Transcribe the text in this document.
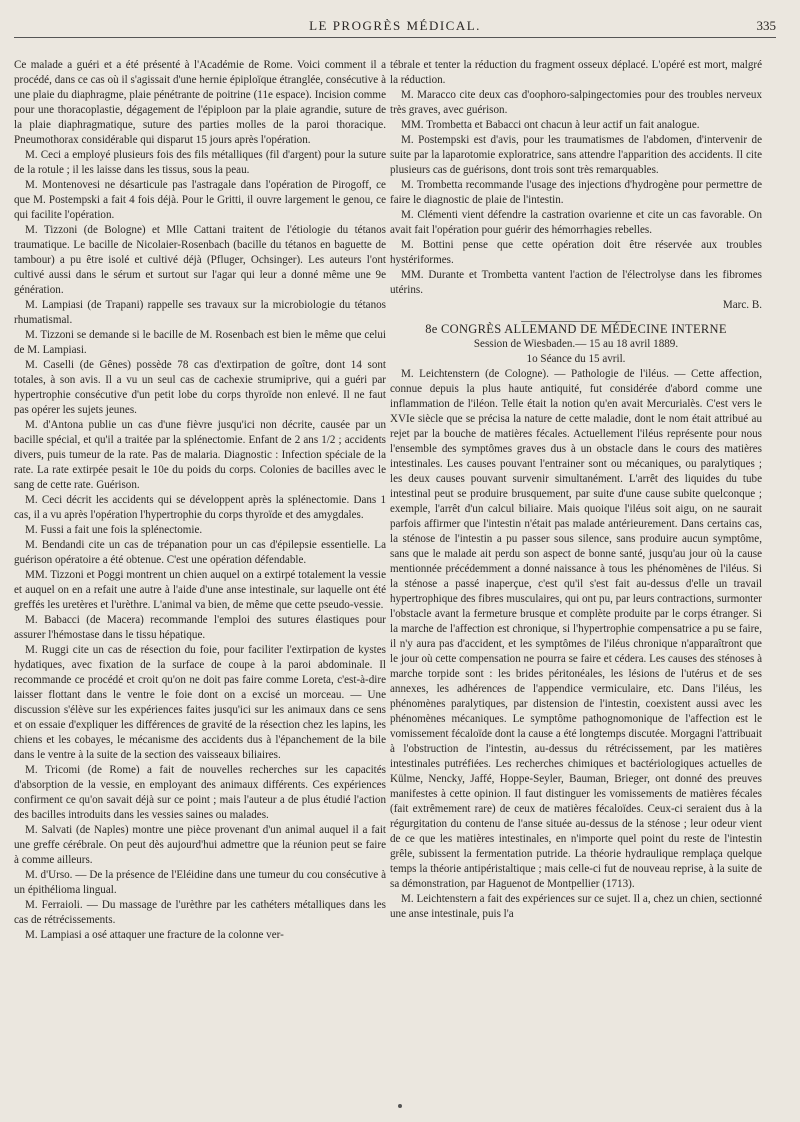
LE PROGRÈS MÉDICAL.	335

Ce malade a guéri et a été présenté à l'Académie de Rome. Voici comment il a procédé, dans ce cas où il s'agissait d'une hernie épiploïque étranglée, consécutive à une plaie du diaphragme, plaie pénétrante de poitrine (11e espace). Incision comme pour une thoracoplastie, dégagement de l'épiploon par la plaie agrandie, suture de la plaie diaphragmatique, suture des parties molles de la paroi thoracique. Pneumothorax considérable qui disparut 15 jours après l'opération.

M. Ceci a employé plusieurs fois des fils métalliques (fil d'argent) pour la suture de la rotule ; il les laisse dans les tissus, sous la peau.

M. Montenovesi ne désarticule pas l'astragale dans l'opération de Pirogoff, ce que M. Postempski a fait 4 fois déjà. Pour le Gritti, il ouvre largement le genou, ce qui facilite l'opération.

M. Tizzoni (de Bologne) et Mlle Cattani traitent de l'étiologie du tétanos traumatique. Le bacille de Nicolaier-Rosenbach (bacille du tétanos en baguette de tambour) a pu être isolé et cultivé déjà (Pfluger, Ochsinger). Les auteurs l'ont cultivé aussi dans le sérum et surtout sur l'agar qui leur a donné même une 9e génération.

M. Lampiasi (de Trapani) rappelle ses travaux sur la microbiologie du tétanos rhumatismal.

M. Tizzoni se demande si le bacille de M. Rosenbach est bien le même que celui de M. Lampiasi.

M. Caselli (de Gênes) possède 78 cas d'extirpation de goître, dont 14 sont totales, à son avis. Il a vu un seul cas de cachexie strumiprive, qui a guéri par hypertrophie consécutive d'un petit lobe du corps thyroïde non enlevé. Il ne faut pas opérer les sujets jeunes.

M. d'Antona publie un cas d'une fièvre jusqu'ici non décrite, causée par un bacille spécial, et qu'il a traitée par la splénectomie. Enfant de 2 ans 1/2 ; accidents divers, puis tumeur de la rate. Pas de malaria. Diagnostic : Infection spéciale de la rate. La rate extirpée pesait le 10e du poids du corps. Colonies de bacilles avec le sang de cette rate. Guérison.

M. Ceci décrit les accidents qui se développent après la splénectomie. Dans 1 cas, il a vu après l'opération l'hypertrophie du corps thyroïde et des amygdales.

M. Fussi a fait une fois la splénectomie.

M. Bendandi cite un cas de trépanation pour un cas d'épilepsie essentielle. La guérison opératoire a été obtenue. C'est une opération défendable.

MM. Tizzoni et Poggi montrent un chien auquel on a extirpé totalement la vessie et auquel on en a refait une autre à l'aide d'une anse intestinale, sur laquelle ont été greffés les uretères et l'urèthre. L'animal va bien, de même que cette pseudo-vessie.

M. Babacci (de Macera) recommande l'emploi des sutures élastiques pour assurer l'hémostase dans le tissu hépatique.

M. Ruggi cite un cas de résection du foie, pour faciliter l'extirpation de kystes hydatiques, avec fixation de la surface de coupe à la paroi abdominale. Il recommande ce procédé et croit qu'on ne doit pas faire comme Loreta, c'est-à-dire laisser flottant dans le ventre le foie dont on a excisé un morceau. — Une discussion s'élève sur les expériences faites jusqu'ici sur les animaux dans ce sens et on essaie d'expliquer les différences de gravité de la résection chez les lapins, les chiens et les cobayes, le mécanisme des accidents dus à l'épanchement de la bile dans le ventre à la suite de la section des vaisseaux biliaires.

M. Tricomi (de Rome) a fait de nouvelles recherches sur les capacités d'absorption de la vessie, en employant des animaux différents. Ces expériences confirment ce qu'on savait déjà sur ce point ; mais l'auteur a de plus étudié l'action des bacilles introduits dans les vessies saines ou malades.

M. Salvati (de Naples) montre une pièce provenant d'un animal auquel il a fait une greffe cérébrale. On peut dès aujourd'hui admettre que la réunion peut se faire à comme ailleurs.

M. d'Urso. — De la présence de l'Eléidine dans une tumeur du cou consécutive à un épithélioma lingual.

M. Ferraioli. — Du massage de l'urèthre par les cathéters métalliques dans les cas de rétrécissements.

M. Lampiasi a osé attaquer une fracture de la colonne ver-

tébrale et tenter la réduction du fragment osseux déplacé. L'opéré est mort, malgré la réduction.

M. Maracco cite deux cas d'oophoro-salpingectomies pour des troubles nerveux très graves, avec guérison.

MM. Trombetta et Babacci ont chacun à leur actif un fait analogue.

M. Postempski est d'avis, pour les traumatismes de l'abdomen, d'intervenir de suite par la laparotomie exploratrice, sans attendre l'apparition des accidents. Il cite plusieurs cas de guérisons, dont trois sont très remarquables.

M. Trombetta recommande l'usage des injections d'hydrogène pour permettre de faire le diagnostic de plaie de l'intestin.

M. Clémenti vient défendre la castration ovarienne et cite un cas favorable. On avait fait l'opération pour guérir des hémorrhagies rebelles.

M. Bottini pense que cette opération doit être réservée aux troubles hystériformes.

MM. Durante et Trombetta vantent l'action de l'électrolyse dans les fibromes utérins.

Marc. B.

8e CONGRÈS ALLEMAND DE MÉDECINE INTERNE

Session de Wiesbaden.— 15 au 18 avril 1889.

1o Séance du 15 avril.

M. Leichtenstern (de Cologne). — Pathologie de l'iléus. — Cette affection, connue depuis la plus haute antiquité, fut considérée d'abord comme une inflammation de l'iléon. Telle était la notion qu'en avait Mercurialès. C'est vers le XVIe siècle que se précisa la nature de cette maladie, dont le nom était attribué au rejet par la bouche de matières fécales. Actuellement l'iléus représente pour nous l'ensemble des symptômes graves dus à un obstacle dans le cours des matières intestinales. Les causes pouvant l'entrainer sont ou mécaniques, ou paralytiques ; les deux causes pouvant survenir simultanément. L'arrêt des liquides du tube intestinal peut se produire brusquement, par suite d'une cause subite quelconque ; exemple, l'arrêt d'un calcul biliaire. Mais quoique l'iléus soit aigu, on ne saurait parfois affirmer que l'intestin n'était pas malade antérieurement. Dans certains cas, la sténose de l'intestin a pu passer sous silence, sans produire aucun symptôme, sans que le malade ait perdu son aspect de bonne santé, jusqu'au jour où la cause mentionnée précédemment a donné naissance à tous les phénomènes de l'iléus. Si la sténose a passé inaperçue, c'est qu'il s'est fait au-dessus d'elle un travail hypertrophique des fibres musculaires, qui ont pu, par leurs contractions, surmonter l'obstacle avant la fermeture brusque et complète produite par le corps étranger. Si la marche de l'affection est chronique, si l'hypertrophie compensatrice a pu se faire, il n'y aura pas d'accident, et les symptômes de l'iléus chronique n'apparaîtront que le jour où cette compensation ne pourra se faire et cédera. Les causes des sténoses à marche torpide sont : les brides péritonéales, les lésions de l'utérus et de ses annexes, les adhérences de l'appendice vermiculaire, etc. Dans l'iléus, les phénomènes paralytiques, par distension de l'intestin, coexistent aussi avec les phénomènes mécaniques. Le symptôme pathognomonique de l'affection est le vomissement fécaloïde dont la cause a été longtemps discutée. Morgagni l'attribuait à l'obstruction de l'intestin, au-dessus du rétrécissement, par les matières intestinales putréfiées. Les recherches chimiques et bactériologiques actuelles de Külme, Nencky, Jaffé, Hoppe-Seyler, Bauman, Brieger, ont donné des preuves manifestes à cette opinion. Il faut distinguer les vomissements de matières fécales (fait extrêmement rare) de ceux de matières fécaloïdes. Ceux-ci seraient dus à la régurgitation du contenu de l'anse située au-dessus de la sténose ; leur odeur vient de ce que les matières intestinales, en n'importe quel point du reste de l'intestin grêle, subissent la fermentation putride. La théorie hydraulique remplaça quelque temps la théorie antipéristaltique ; mais celle-ci fut de nouveau reprise, à la suite de sa démonstration, par Haguenot de Montpellier (1713).

M. Leichtenstern a fait des expériences sur ce sujet. Il a, chez un chien, sectionné une anse intestinale, puis l'a
